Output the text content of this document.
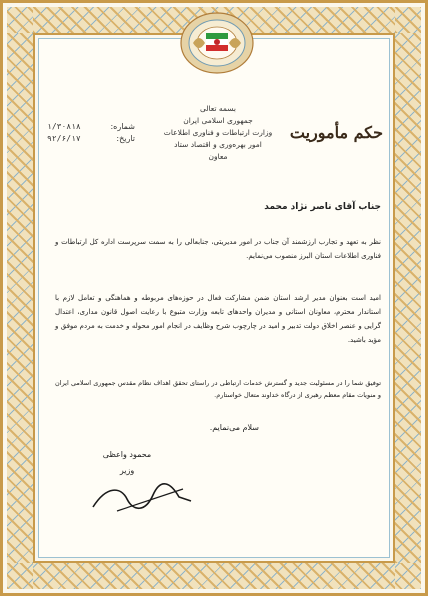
حکم مأموریت
بسمه تعالی
جمهوری اسلامی ایران
وزارت ارتباطات و فناوری اطلاعات
امور بهره‌وری و اقتصاد ستاد
معاون
شماره:
۱/۳۰۸۱۸
تاریخ:
۹۲/۶/۱۷
جناب آقای ناصر نژاد محمد
نظر به تعهد و تجارب ارزشمند آن جناب در امور مدیریتی، جنابعالی را به سمت سرپرست اداره کل ارتباطات و فناوری اطلاعات استان البرز منصوب می‌نمایم.
امید است بعنوان مدیر ارشد استان ضمن مشارکت فعال در حوزه‌های مربوطه و هماهنگی و تعامل لازم با استاندار محترم، معاونان استانی و مدیران واحدهای تابعه وزارت متبوع با رعایت اصول قانون مداری، اعتدال گرایی و عنصر اخلاق دولت تدبیر و امید در چارچوب شرح وظایف در انجام امور محوله و خدمت به مردم موفق و مؤید باشید.
توفیق شما را در مسئولیت جدید و گسترش خدمات ارتباطی در راستای تحقق اهداف نظام مقدس جمهوری اسلامی ایران و منویات مقام معظم رهبری از درگاه خداوند متعال خواستارم.
سلام می‌نمایم.
محمود واعظی
وزیر
